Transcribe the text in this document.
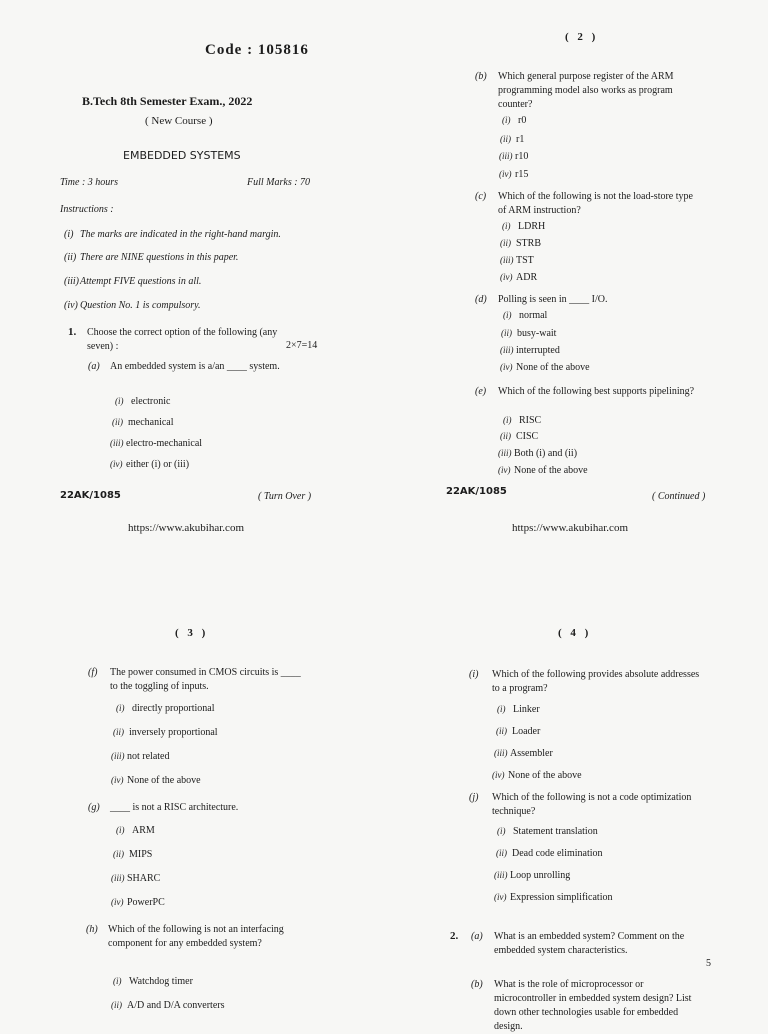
Code : 105816
B.Tech 8th Semester Exam., 2022
( New Course )
EMBEDDED SYSTEMS
Time : 3 hours	Full Marks : 70
Instructions :
(i) The marks are indicated in the right-hand margin.
(ii) There are NINE questions in this paper.
(iii)Attempt FIVE questions in all.
(iv) Question No. 1 is compulsory.
1. Choose the correct option of the following (any seven) :	2×7=14
(a) An embedded system is a/an ____ system.
(i) electronic
(ii) mechanical
(iii) electro-mechanical
(iv) either (i) or (iii)
22AK/1085	( Turn Over )
https://www.akubihar.com
( 2 )
(b) Which general purpose register of the ARM programming model also works as program counter?
(i) r0
(ii) r1
(iii) r10
(iv) r15
(c) Which of the following is not the load-store type of ARM instruction?
(i) LDRH
(ii) STRB
(iii) TST
(iv) ADR
(d) Polling is seen in ____ I/O.
(i) normal
(ii) busy-wait
(iii) interrupted
(iv) None of the above
(e) Which of the following best supports pipelining?
(i) RISC
(ii) CISC
(iii) Both (i) and (ii)
(iv) None of the above
22AK/1085	( Continued )
https://www.akubihar.com
( 3 )
(f) The power consumed in CMOS circuits is ____ to the toggling of inputs.
(i) directly proportional
(ii) inversely proportional
(iii) not related
(iv) None of the above
(g) ____ is not a RISC architecture.
(i) ARM
(ii) MIPS
(iii) SHARC
(iv) PowerPC
(h) Which of the following is not an interfacing component for any embedded system?
(i) Watchdog timer
(ii) A/D and D/A converters
( 4 )
(i) Which of the following provides absolute addresses to a program?
(i) Linker
(ii) Loader
(iii) Assembler
(iv) None of the above
(j) Which of the following is not a code optimization technique?
(i) Statement translation
(ii) Dead code elimination
(iii) Loop unrolling
(iv) Expression simplification
2. (a) What is an embedded system? Comment on the embedded system characteristics.
5
(b) What is the role of microprocessor or microcontroller in embedded system design? List down other technologies usable for embedded design.
